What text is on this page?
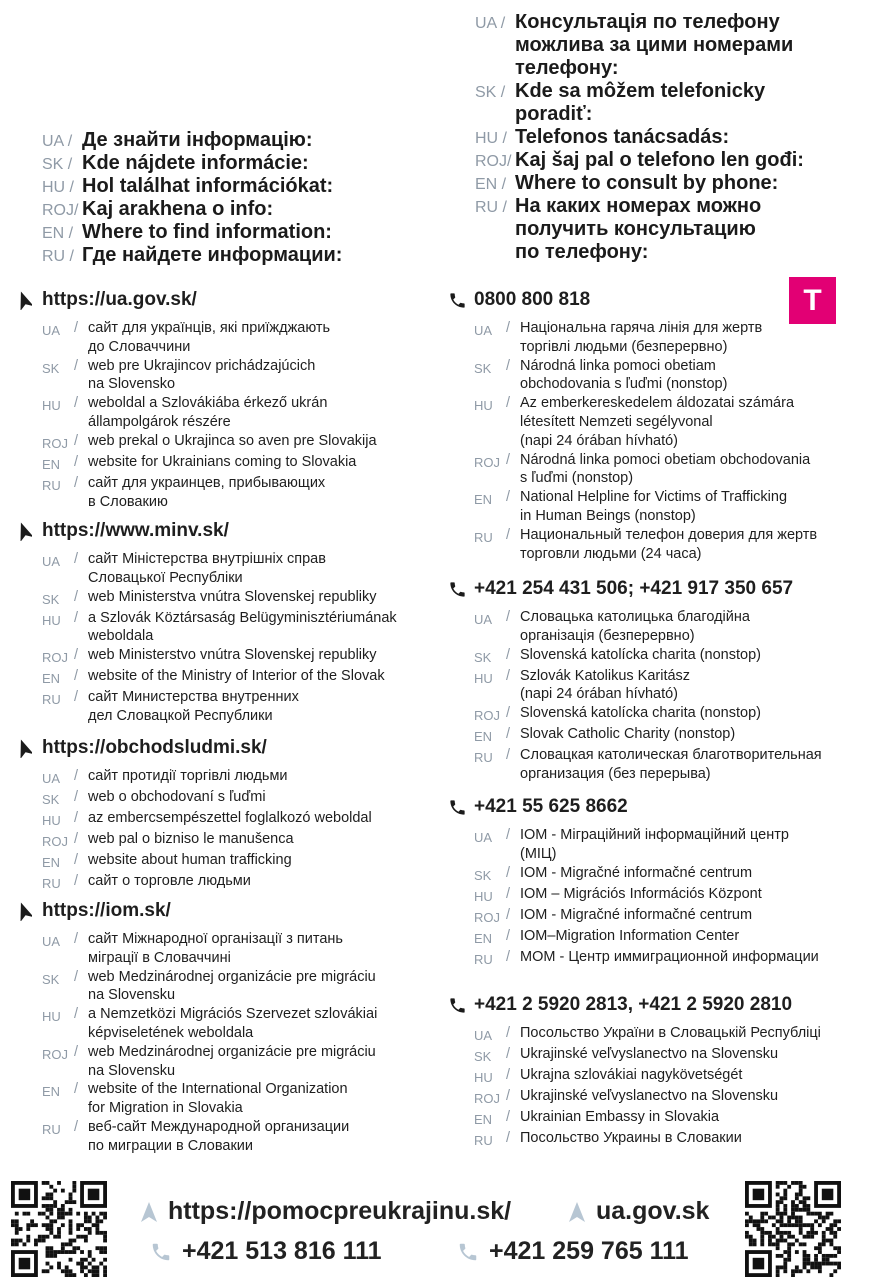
UA / Де знайти інформацію:
SK / Kde nájdete informácie:
HU / Hol találhat információkat:
ROJ/ Kaj arakhena o info:
EN / Where to find information:
RU / Где найдете информации:
UA / Консультація по телефону
можлива за цими номерами
телефону:
SK / Kde sa môžem telefonicky
poradiť:
HU / Telefonos tanácsadás:
ROJ/ Kaj šaj pal o telefono len gođi:
EN / Where to consult by phone:
RU / На каких номерах можно
получить консультацию
по телефону:
T
https://ua.gov.sk/
UA / сайт для українців, які приїжджають
до Словаччини
SK	/ web pre Ukrajincov prichádzajúcich
na Slovensko
HU / weboldal a Szlovákiába érkező ukrán
állampolgárok részére
ROJ / web prekal o Ukrajinca so aven pre Slovakija
EN / website for Ukrainians coming to Slovakia
RU / сайт для украинцев, прибывающих
в Словакию
https://www.minv.sk/
UA / сайт Міністерства внутрішніх справ
Словацької Республіки
SK	/ web Ministerstva vnútra Slovenskej republiky
HU / a Szlovák Köztársaság Belügyminisztériumának
weboldala
ROJ / web Ministerstvo vnútra Slovenskej republiky
EN / website of the Ministry of Interior of the Slovak
RU / сайт Министерства внутренних
дел Словацкой Республики
https://obchodsludmi.sk/
UA / сайт протидії торгівлі людьми
SK	/ web o obchodovaní s ľuďmi
HU / az embercsempészettel foglalkozó weboldal
ROJ / web pal o bizniso le manušenca
EN / website about human trafficking
RU / сайт о торговле людьми
https://iom.sk/
UA / сайт Міжнародної організації з питань
міграції в Словаччині
SK	/ web Medzinárodnej organizácie pre migráciu
na Slovensku
HU / a Nemzetközi Migrációs Szervezet szlovákiai
képviseletének weboldala
ROJ / web Medzinárodnej organizácie pre migráciu
na Slovensku
EN / website of the International Organization
for Migration in Slovakia
RU / веб-сайт Международной организации
по миграции в Словакии
0800 800 818
UA / Національна гаряча лінія для жертв
торгівлі людьми (безперервно)
SK	/ Národná linka pomoci obetiam
obchodovania s ľuďmi (nonstop)
HU / Az emberkereskedelem áldozatai számára
létesített Nemzeti segélyvonal
(napi 24 órában hívható)
ROJ / Národná linka pomoci obetiam obchodovania
s ľuďmi (nonstop)
EN / National Helpline for Victims of Trafficking
in Human Beings (nonstop)
RU / Национальный телефон доверия для жертв
торговли людьми (24 часа)
+421 254 431 506; +421 917 350 657
UA / Словацька католицька благодійна
організація (безперервно)
SK	/ Slovenská katolícka charita (nonstop)
HU / Szlovák Katolikus Karitász
(napi 24 órában hívható)
ROJ / Slovenská katolícka charita (nonstop)
EN / Slovak Catholic Charity (nonstop)
RU / Словацкая католическая благотворительная
организация (без перерыва)
+421 55 625 8662
UA / IOM - Міграційний інформаційний центр
(МІЦ)
SK	/ IOM - Migračné informačné centrum
HU / IOM – Migrációs Információs Központ
ROJ / IOM - Migračné informačné centrum
EN / IOM–Migration Information Center
RU / МОМ - Центр иммиграционной информации
+421 2 5920 2813, +421 2 5920 2810
UA / Посольство України в Словацькій Республіці
SK	/ Ukrajinské veľvyslanectvo na Slovensku
HU / Ukrajna szlovákiai nagykövetségét
ROJ / Ukrajinské veľvyslanectvo na Slovensku
EN / Ukrainian Embassy in Slovakia
RU / Посольство Украины в Словакии
https://pomocpreukrajinu.sk/	ua.gov.sk
+421 513 816 111	+421 259 765 111
